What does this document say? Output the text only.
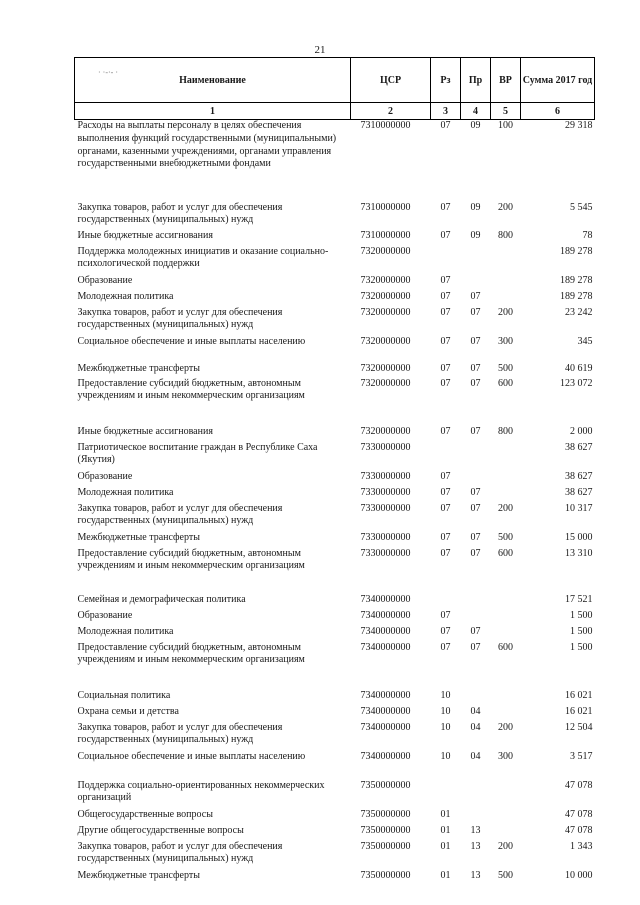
21
Наименование	ЦСР	Рз	Пр	ВР	Сумма 2017 год
1	2	3	4	5	6
Расходы на выплаты персоналу в целях обеспечения выполнения функций государственными (муниципальными) органами, казенными учреждениями, органами управления государственными внебюджетными фондами	7310000000	07	09	100	29 318
Закупка товаров, работ и услуг для обеспечения государственных (муниципальных) нужд	7310000000	07	09	200	5 545
Иные бюджетные ассигнования	7310000000	07	09	800	78
Поддержка молодежных инициатив и оказание социально-психологической поддержки	7320000000				189 278
Образование	7320000000	07			189 278
Молодежная политика	7320000000	07	07		189 278
Закупка товаров, работ и услуг для обеспечения государственных (муниципальных) нужд	7320000000	07	07	200	23 242
Социальное обеспечение и иные выплаты населению	7320000000	07	07	300	345
Межбюджетные трансферты	7320000000	07	07	500	40 619
Предоставление субсидий бюджетным, автономным учреждениям и иным некоммерческим организациям	7320000000	07	07	600	123 072
Иные бюджетные ассигнования	7320000000	07	07	800	2 000
Патриотическое воспитание граждан в Республике Саха (Якутия)	7330000000				38 627
Образование	7330000000	07			38 627
Молодежная политика	7330000000	07	07		38 627
Закупка товаров, работ и услуг для обеспечения государственных (муниципальных) нужд	7330000000	07	07	200	10 317
Межбюджетные трансферты	7330000000	07	07	500	15 000
Предоставление субсидий бюджетным, автономным учреждениям и иным некоммерческим организациям	7330000000	07	07	600	13 310
Семейная и демографическая политика	7340000000				17 521
Образование	7340000000	07			1 500
Молодежная политика	7340000000	07	07		1 500
Предоставление субсидий бюджетным, автономным учреждениям и иным некоммерческим организациям	7340000000	07	07	600	1 500
Социальная политика	7340000000	10			16 021
Охрана семьи и детства	7340000000	10	04		16 021
Закупка товаров, работ и услуг для обеспечения государственных (муниципальных) нужд	7340000000	10	04	200	12 504
Социальное обеспечение и иные выплаты населению	7340000000	10	04	300	3 517
Поддержка социально-ориентированных некоммерческих организаций	7350000000				47 078
Общегосударственные вопросы	7350000000	01			47 078
Другие общегосударственные вопросы	7350000000	01	13		47 078
Закупка товаров, работ и услуг для обеспечения государственных (муниципальных) нужд	7350000000	01	13	200	1 343
Межбюджетные трансферты	7350000000	01	13	500	10 000
· ·-·- ·
